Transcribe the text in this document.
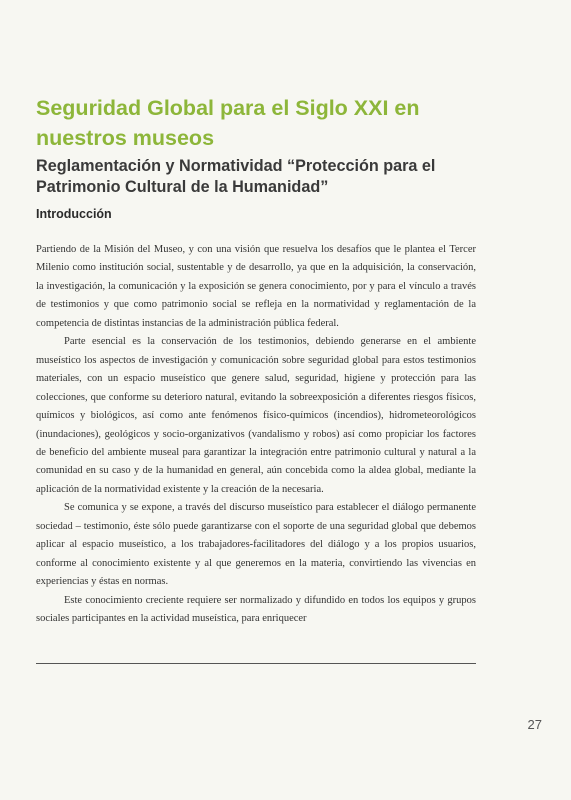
Seguridad Global para el Siglo XXI en nuestros museos
Reglamentación y Normatividad “Protección para el Patrimonio Cultural de la Humanidad”
Introducción

Partiendo de la Misión del Museo, y con una visión que resuelva los desafíos que le plantea el Tercer Milenio como institución social, sustentable y de desarrollo, ya que en la adquisición, la conservación, la investigación, la comunicación y la exposición se genera conocimiento, por y para el vínculo a través de testimonios y que como patrimonio social se refleja en la normatividad y reglamentación de la competencia de distintas instancias de la administración pública federal.

Parte esencial es la conservación de los testimonios, debiendo generarse en el ambiente museístico los aspectos de investigación y comunicación sobre seguridad global para estos testimonios materiales, con un espacio museístico que genere salud, seguridad, higiene y protección para las colecciones, que conforme su deterioro natural, evitando la sobreexposición a diferentes riesgos físicos, químicos y biológicos, así como ante fenómenos físico-químicos (incendios), hidrometeorológicos (inundaciones), geológicos y socio-organizativos (vandalismo y robos) así como propiciar los factores de beneficio del ambiente museal para garantizar la integración entre patrimonio cultural y natural a la comunidad en su caso y de la humanidad en general, aún concebida como la aldea global, mediante la aplicación de la normatividad existente y la creación de la necesaria.

Se comunica y se expone, a través del discurso museístico para establecer el diálogo permanente sociedad – testimonio, éste sólo puede garantizarse con el soporte de una seguridad global que debemos aplicar al espacio museístico, a los trabajadores-facilitadores del diálogo y a los propios usuarios, conforme al conocimiento existente y al que generemos en la materia, convirtiendo las vivencias en experiencias y éstas en normas.

Este conocimiento creciente requiere ser normalizado y difundido en todos los equipos y grupos sociales participantes en la actividad museística, para enriquecer

27
